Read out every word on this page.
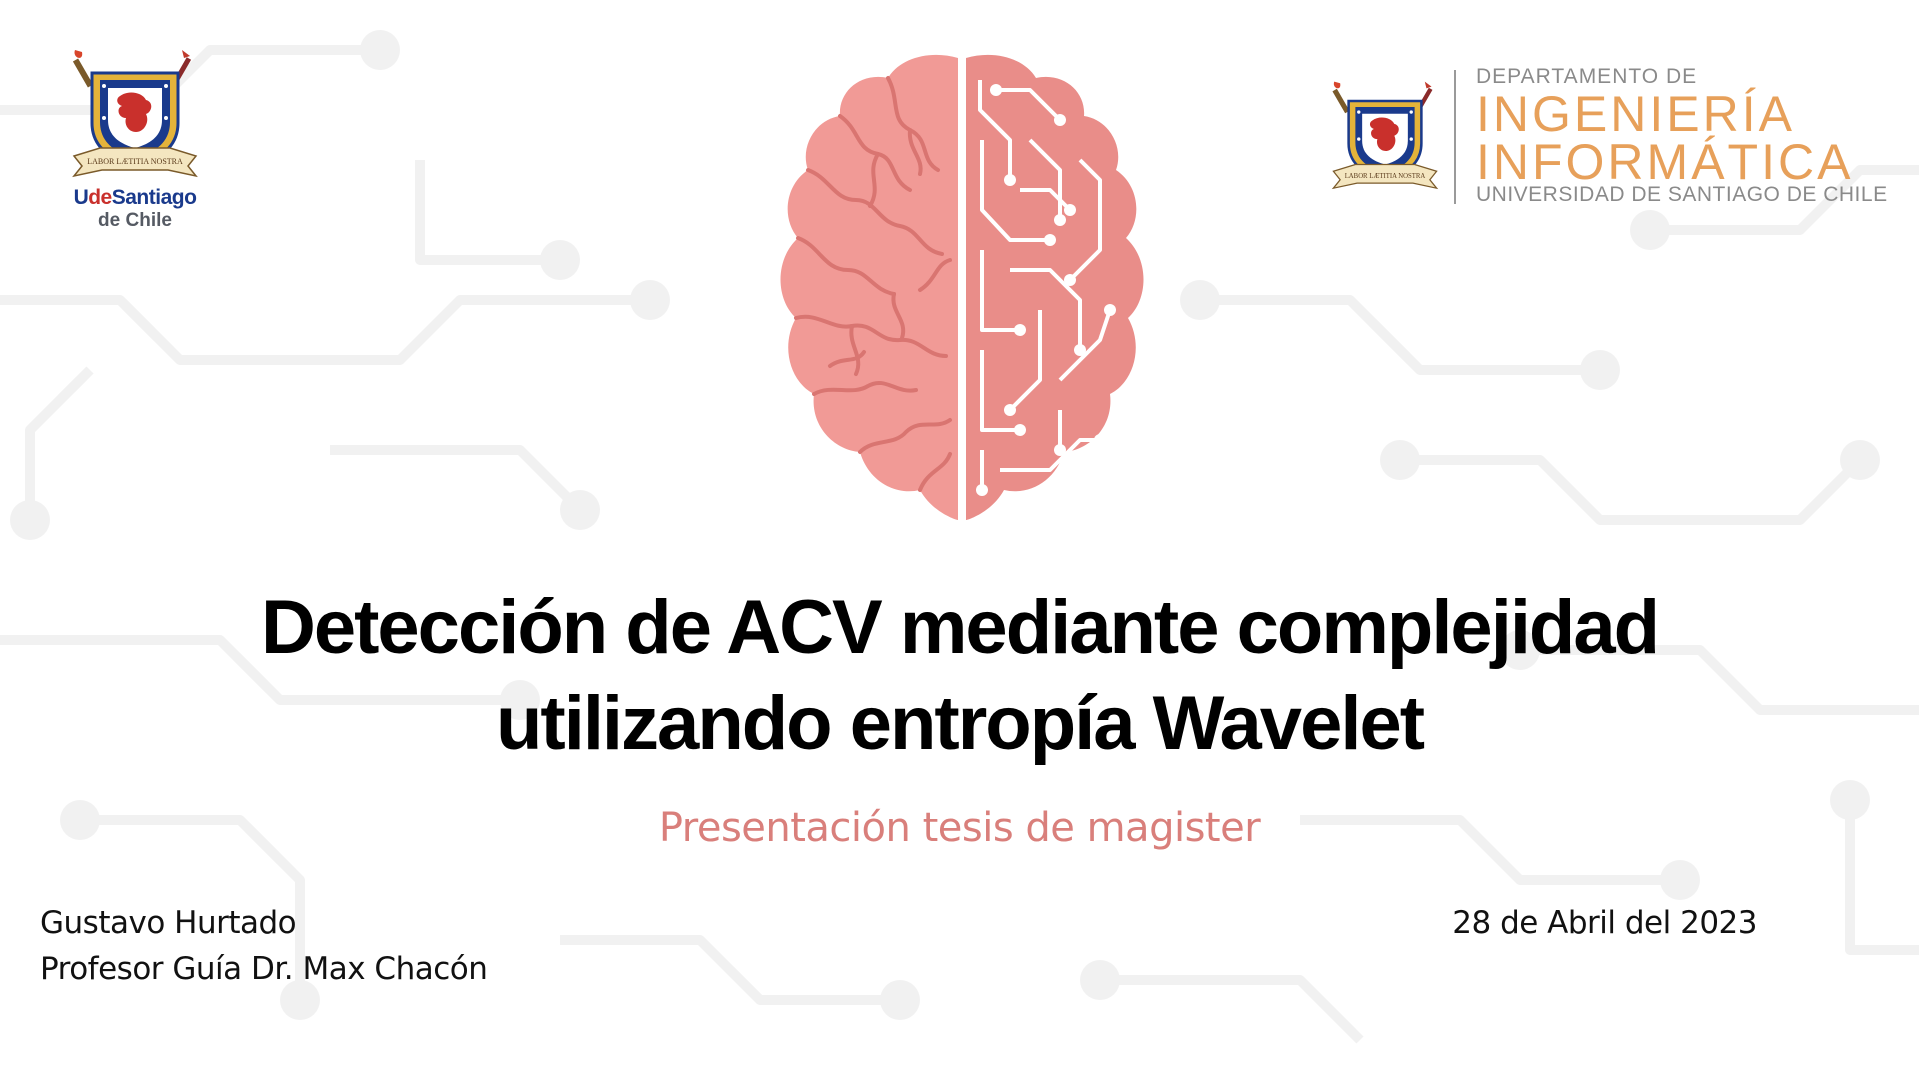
LABOR LÆTITIA NOSTRA
UdeSantiago
de Chile
LABOR LÆTITIA NOSTRA
DEPARTAMENTO DE
INGENIERÍA
INFORMÁTICA
UNIVERSIDAD DE SANTIAGO DE CHILE
Detección de ACV mediante complejidad
utilizando entropía Wavelet
Presentación tesis de magister
Gustavo Hurtado
Profesor Guía Dr. Max Chacón
28 de Abril del 2023
